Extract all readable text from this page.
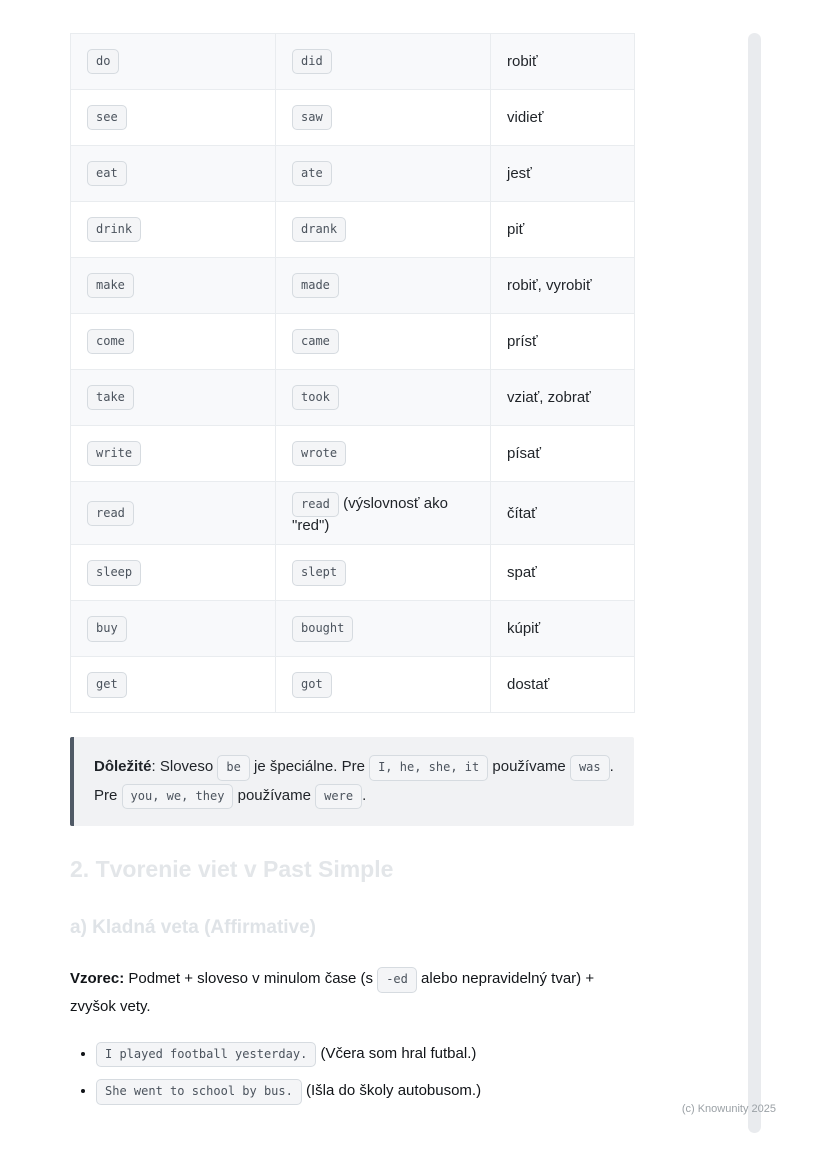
do	did	robiť
see	saw	vidieť
eat	ate	jesť
drink	drank	piť
make	made	robiť, vyrobiť
come	came	prísť
take	took	vziať, zobrať
write	wrote	písať
read	read (výslovnosť ako "red")	čítať
sleep	slept	spať
buy	bought	kúpiť
get	got	dostať

Dôležité: Sloveso be je špeciálne. Pre I, he, she, it používame was . Pre you, we, they používame were .

2. Tvorenie viet v Past Simple
a) Kladná veta (Affirmative)

Vzorec: Podmet + sloveso v minulom čase (s -ed alebo nepravidelný tvar) + zvyšok vety.

• I played football yesterday. (Včera som hral futbal.)
• She went to school by bus. (Išla do školy autobusom.)
(c) Knowunity 2025
